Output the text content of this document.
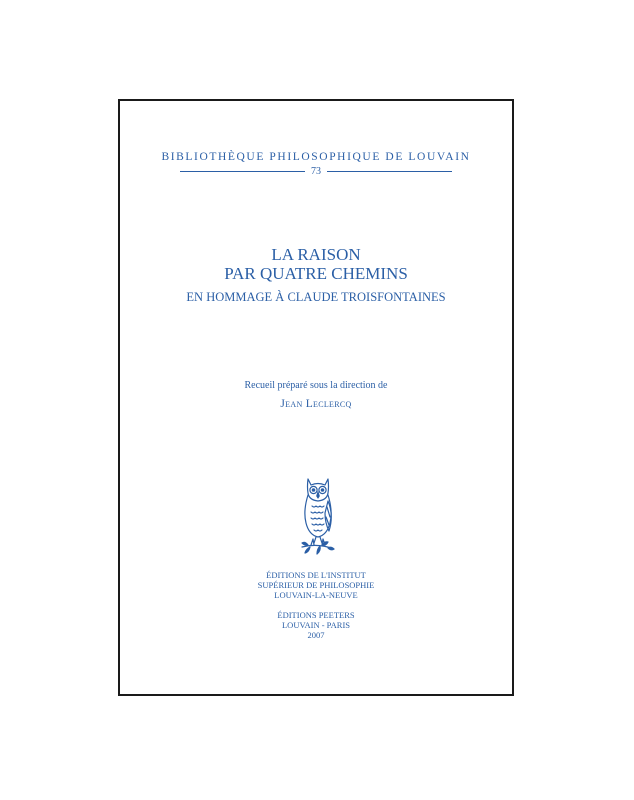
BIBLIOTHÈQUE PHILOSOPHIQUE DE LOUVAIN
73
LA RAISON
PAR QUATRE CHEMINS
EN HOMMAGE À CLAUDE TROISFONTAINES
Recueil préparé sous la direction de
Jean Leclercq
ÉDITIONS DE L'INSTITUT
SUPÉRIEUR DE PHILOSOPHIE
LOUVAIN-LA-NEUVE
ÉDITIONS PEETERS
LOUVAIN - PARIS
2007
